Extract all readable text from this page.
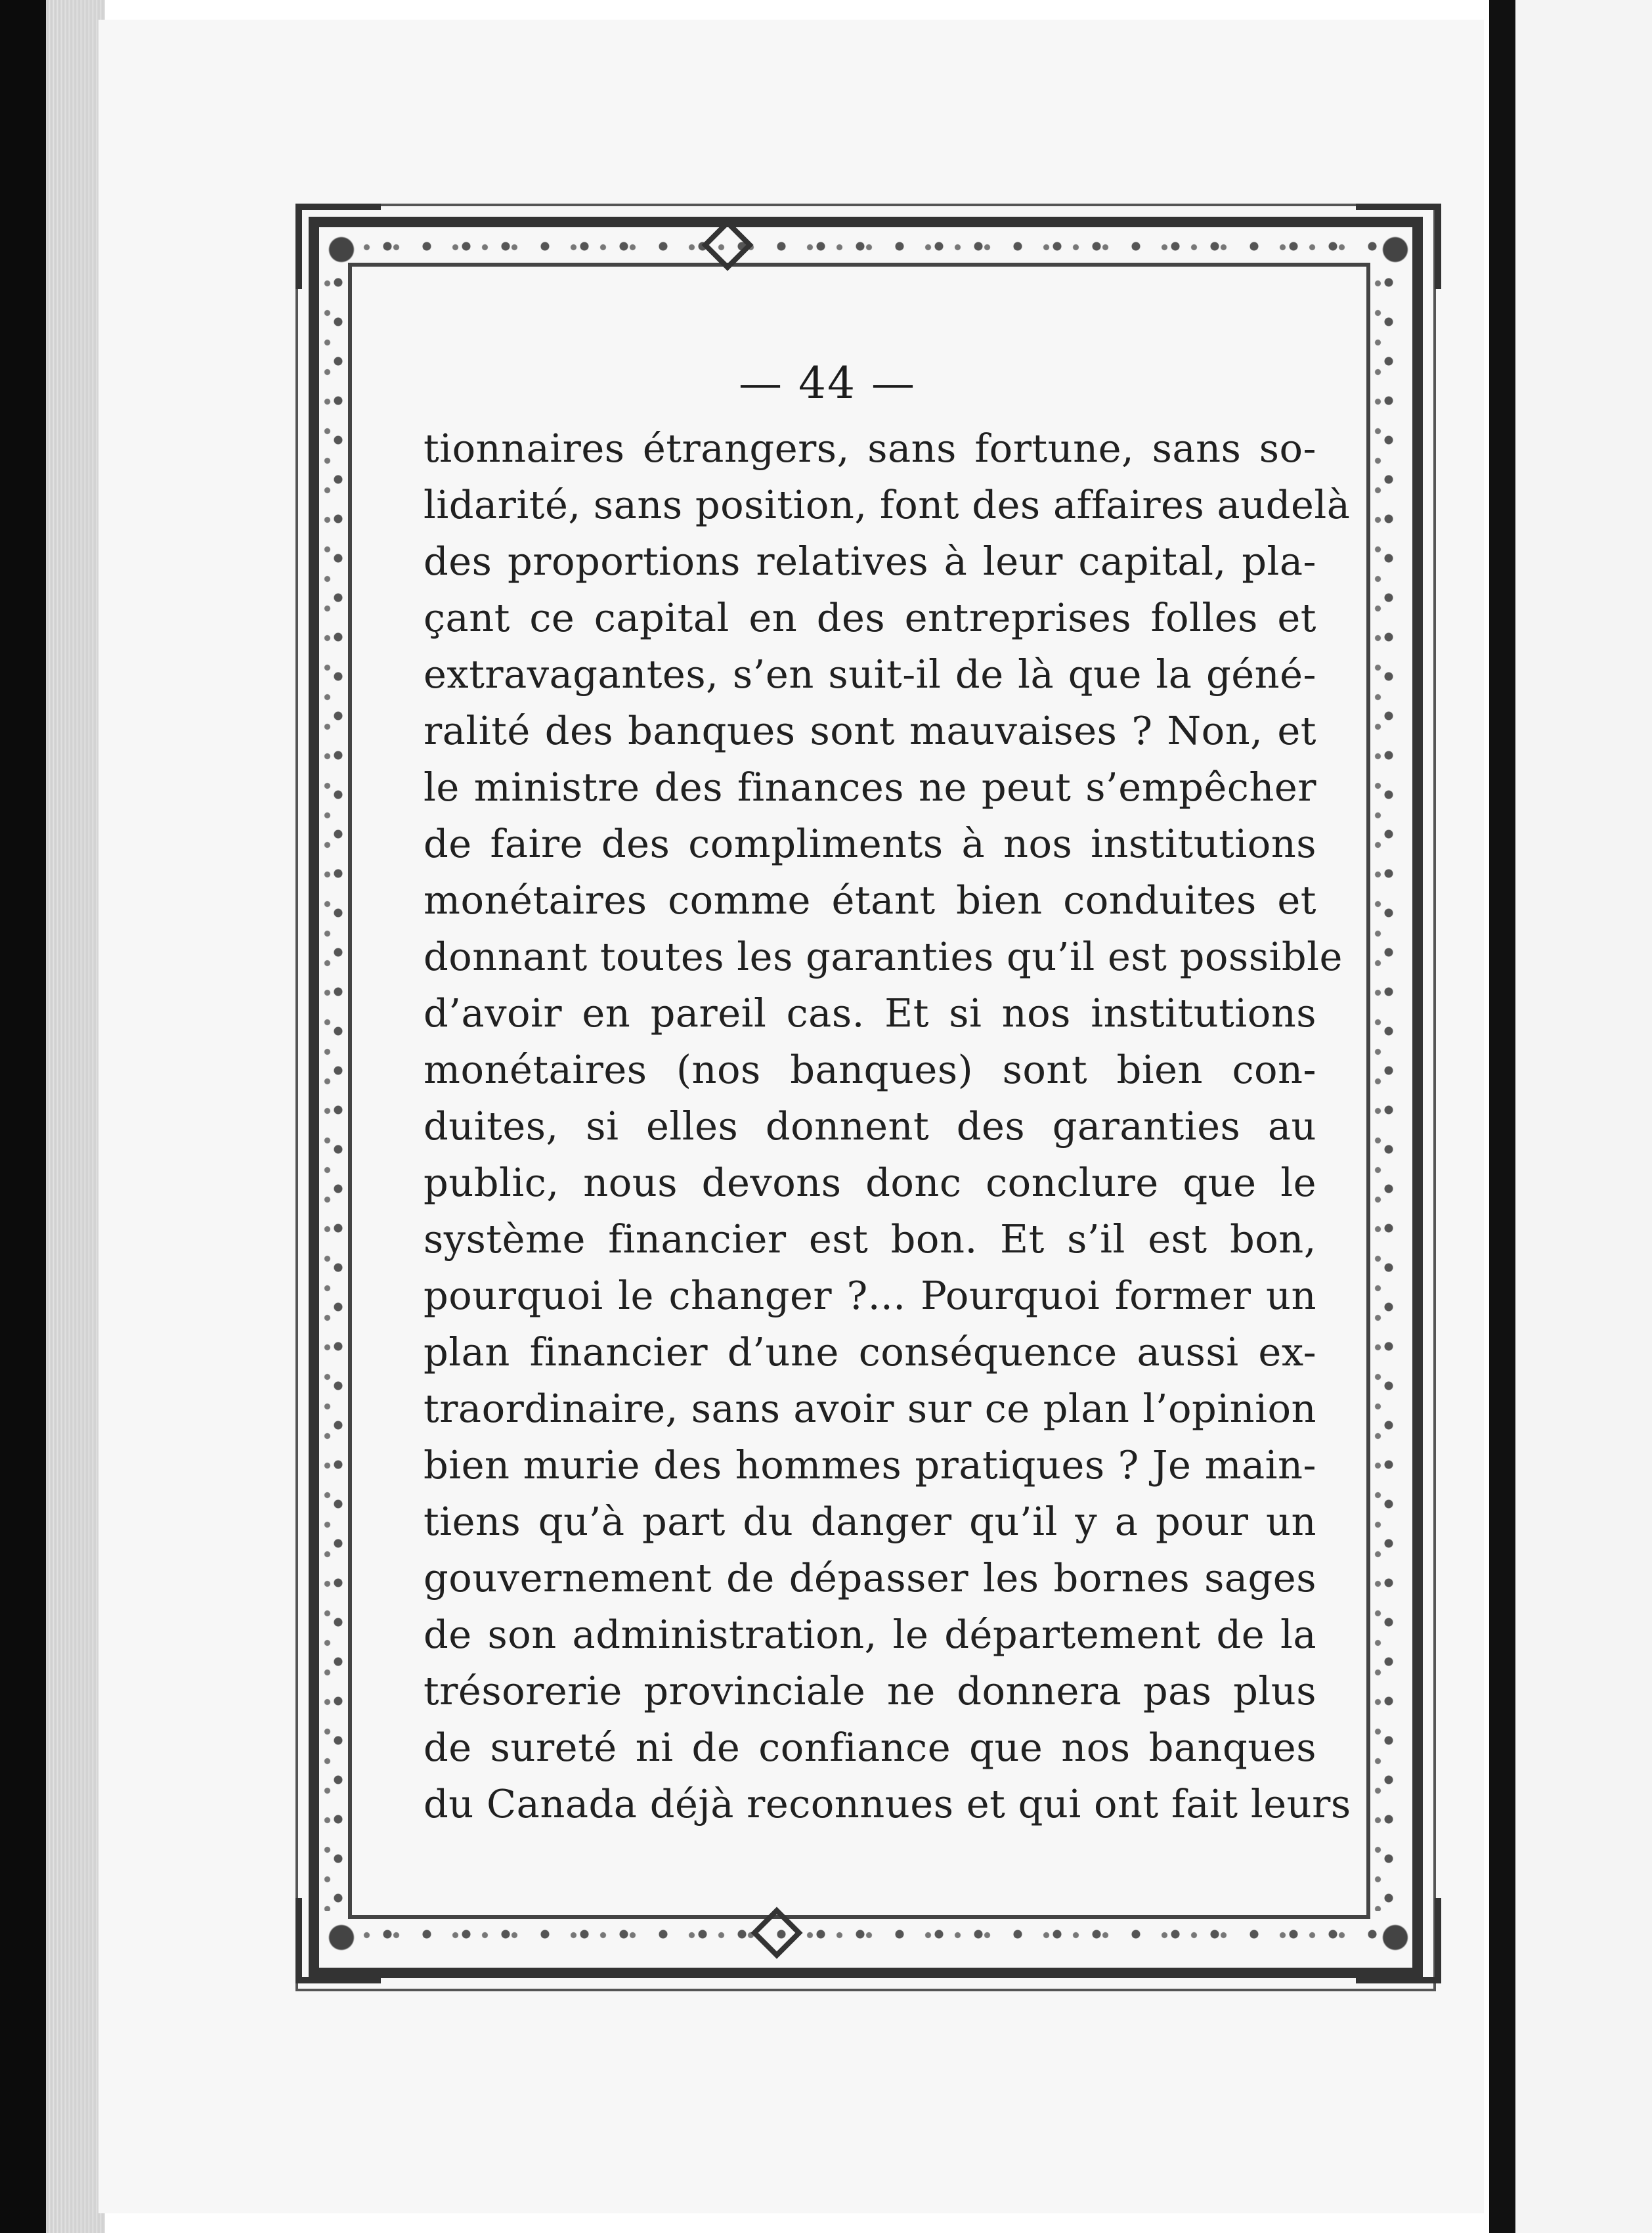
— 44 —
tionnaires étrangers, sans fortune, sans so-
lidarité, sans position, font des affaires audelà
des proportions relatives à leur capital, pla-
çant ce capital en des entreprises folles et
extravagantes, s’en suit-il de là que la géné-
ralité des banques sont mauvaises ? Non, et
le ministre des finances ne peut s’empêcher
de faire des compliments à nos institutions
monétaires comme étant bien conduites et
donnant toutes les garanties qu’il est possible
d’avoir en pareil cas. Et si nos institutions
monétaires (nos banques) sont bien con-
duites, si elles donnent des garanties au
public, nous devons donc conclure que le
système financier est bon. Et s’il est bon,
pourquoi le changer ?... Pourquoi former un
plan financier d’une conséquence aussi ex-
traordinaire, sans avoir sur ce plan l’opinion
bien murie des hommes pratiques ? Je main-
tiens qu’à part du danger qu’il y a pour un
gouvernement de dépasser les bornes sages
de son administration, le département de la
trésorerie provinciale ne donnera pas plus
de sureté ni de confiance que nos banques
du Canada déjà reconnues et qui ont fait leurs
